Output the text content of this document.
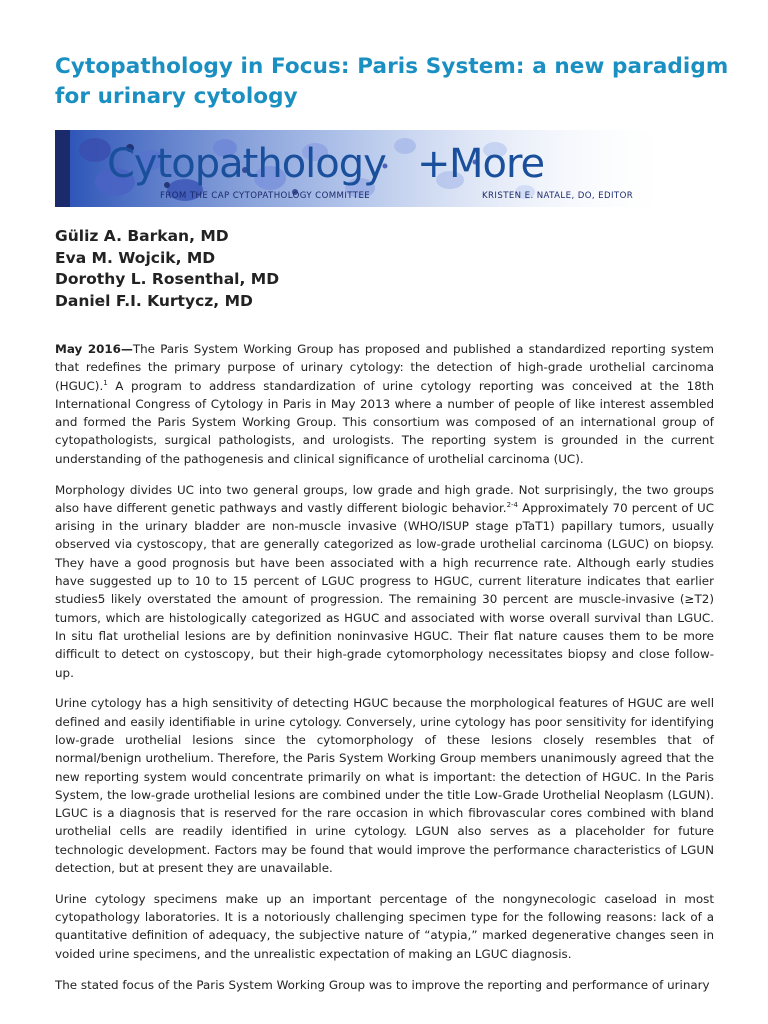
Cytopathology in Focus: Paris System: a new paradigm for urinary cytology
Cytopathology +
More
FROM THE CAP CYTOPATHOLOGY COMMITTEE	KRISTEN E. NATALE, DO, EDITOR
Güliz A. Barkan, MD
Eva M. Wojcik, MD
Dorothy L. Rosenthal, MD
Daniel F.I. Kurtycz, MD

May 2016—The Paris System Working Group has proposed and published a standardized reporting system that redefines the primary purpose of urinary cytology: the detection of high-grade urothelial carcinoma (HGUC).$^1$ A program to address standardization of urine cytology reporting was conceived at the 18th International Congress of Cytology in Paris in May 2013 where a number of people of like interest assembled and formed the Paris System Working Group. This consortium was composed of an international group of cytopathologists, surgical pathologists, and urologists. The reporting system is grounded in the current understanding of the pathogenesis and clinical significance of urothelial carcinoma (UC).

Morphology divides UC into two general groups, low grade and high grade. Not surprisingly, the two groups also have different genetic pathways and vastly different biologic behavior.$^{2-4}$ Approximately 70 percent of UC arising in the urinary bladder are non-muscle invasive (WHO/ISUP stage pTaT1) papillary tumors, usually observed via cystoscopy, that are generally categorized as low-grade urothelial carcinoma (LGUC) on biopsy. They have a good prognosis but have been associated with a high recurrence rate. Although early studies have suggested up to 10 to 15 percent of LGUC progress to HGUC, current literature indicates that earlier studies5 likely overstated the amount of progression. The remaining 30 percent are muscle-invasive (≥T2) tumors, which are histologically categorized as HGUC and associated with worse overall survival than LGUC. In situ flat urothelial lesions are by definition noninvasive HGUC. Their flat nature causes them to be more difficult to detect on cystoscopy, but their high-grade cytomorphology necessitates biopsy and close follow-up.

Urine cytology has a high sensitivity of detecting HGUC because the morphological features of HGUC are well defined and easily identifiable in urine cytology. Conversely, urine cytology has poor sensitivity for identifying low-grade urothelial lesions since the cytomorphology of these lesions closely resembles that of normal/benign urothelium. Therefore, the Paris System Working Group members unanimously agreed that the new reporting system would concentrate primarily on what is important: the detection of HGUC. In the Paris System, the low-grade urothelial lesions are combined under the title Low-Grade Urothelial Neoplasm (LGUN). LGUC is a diagnosis that is reserved for the rare occasion in which fibrovascular cores combined with bland urothelial cells are readily identified in urine cytology. LGUN also serves as a placeholder for future technologic development. Factors may be found that would improve the performance characteristics of LGUN detection, but at present they are unavailable.

Urine cytology specimens make up an important percentage of the nongynecologic caseload in most cytopathology laboratories. It is a notoriously challenging specimen type for the following reasons: lack of a quantitative definition of adequacy, the subjective nature of “atypia,” marked degenerative changes seen in voided urine specimens, and the unrealistic expectation of making an LGUC diagnosis.

The stated focus of the Paris System Working Group was to improve the reporting and performance of urinary
